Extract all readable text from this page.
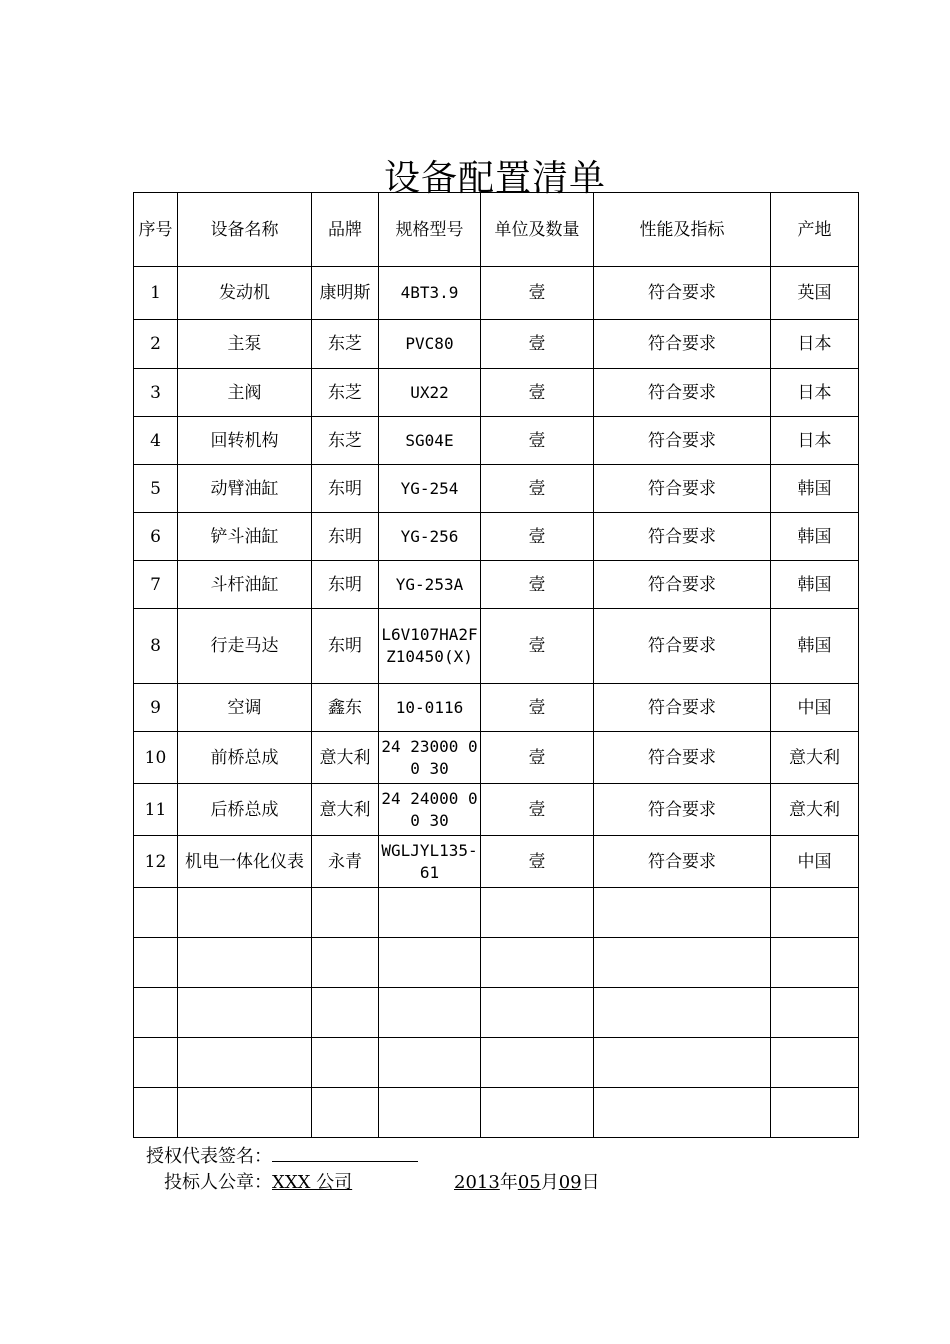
设备配置清单
序号	设备名称	品牌	规格型号	单位及数量	性能及指标	产地
1	发动机	康明斯	4BT3.9	壹	符合要求	英国
2	主泵	东芝	PVC80	壹	符合要求	日本
3	主阀	东芝	UX22	壹	符合要求	日本
4	回转机构	东芝	SG04E	壹	符合要求	日本
5	动臂油缸	东明	YG-254	壹	符合要求	韩国
6	铲斗油缸	东明	YG-256	壹	符合要求	韩国
7	斗杆油缸	东明	YG-253A	壹	符合要求	韩国
8	行走马达	东明	L6V107HA2FZ10450(X)	壹	符合要求	韩国
9	空调	鑫东	10-0116	壹	符合要求	中国
10	前桥总成	意大利	24 23000 00 30	壹	符合要求	意大利
11	后桥总成	意大利	24 24000 00 30	壹	符合要求	意大利
12	机电一体化仪表	永青	WGLJYL135-61	壹	符合要求	中国

授权代表签名：
投标人公章：XXX 公司	2013年05月09日
